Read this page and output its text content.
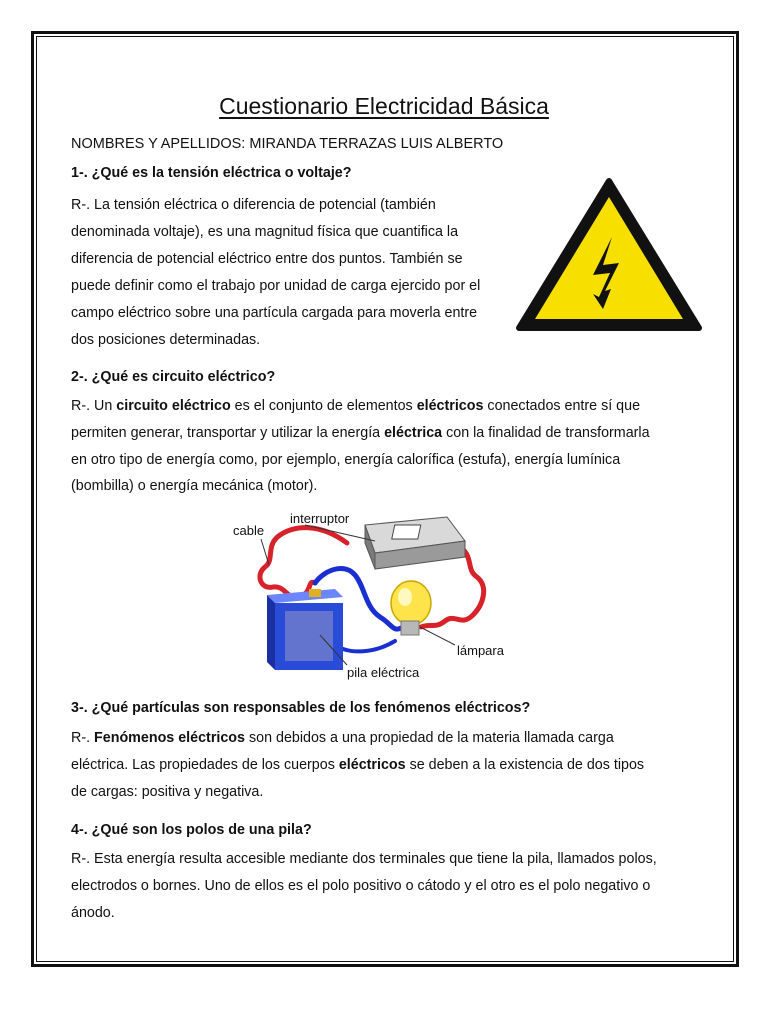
Cuestionario Electricidad Básica
NOMBRES Y APELLIDOS: MIRANDA TERRAZAS LUIS ALBERTO
1-. ¿Qué es la tensión eléctrica o voltaje?
R-. La tensión eléctrica o diferencia de potencial (también
denominada voltaje), es una magnitud física que cuantifica la
diferencia de potencial eléctrico entre dos puntos. También se
puede definir como el trabajo por unidad de carga ejercido por el
campo eléctrico sobre una partícula cargada para moverla entre
dos posiciones determinadas.
2-. ¿Qué es circuito eléctrico?
R-. Un circuito eléctrico es el conjunto de elementos eléctricos conectados entre sí que
permiten generar, transportar y utilizar la energía eléctrica con la finalidad de transformarla
en otro tipo de energía como, por ejemplo, energía calorífica (estufa), energía lumínica
(bombilla) o energía mecánica (motor).
cable
interruptor
lámpara
pila eléctrica
3-. ¿Qué partículas son responsables de los fenómenos eléctricos?
R-. Fenómenos eléctricos son debidos a una propiedad de la materia llamada carga
eléctrica. Las propiedades de los cuerpos eléctricos se deben a la existencia de dos tipos
de cargas: positiva y negativa.
4-. ¿Qué son los polos de una pila?
R-. Esta energía resulta accesible mediante dos terminales que tiene la pila, llamados polos,
electrodos o bornes. Uno de ellos es el polo positivo o cátodo y el otro es el polo negativo o
ánodo.
